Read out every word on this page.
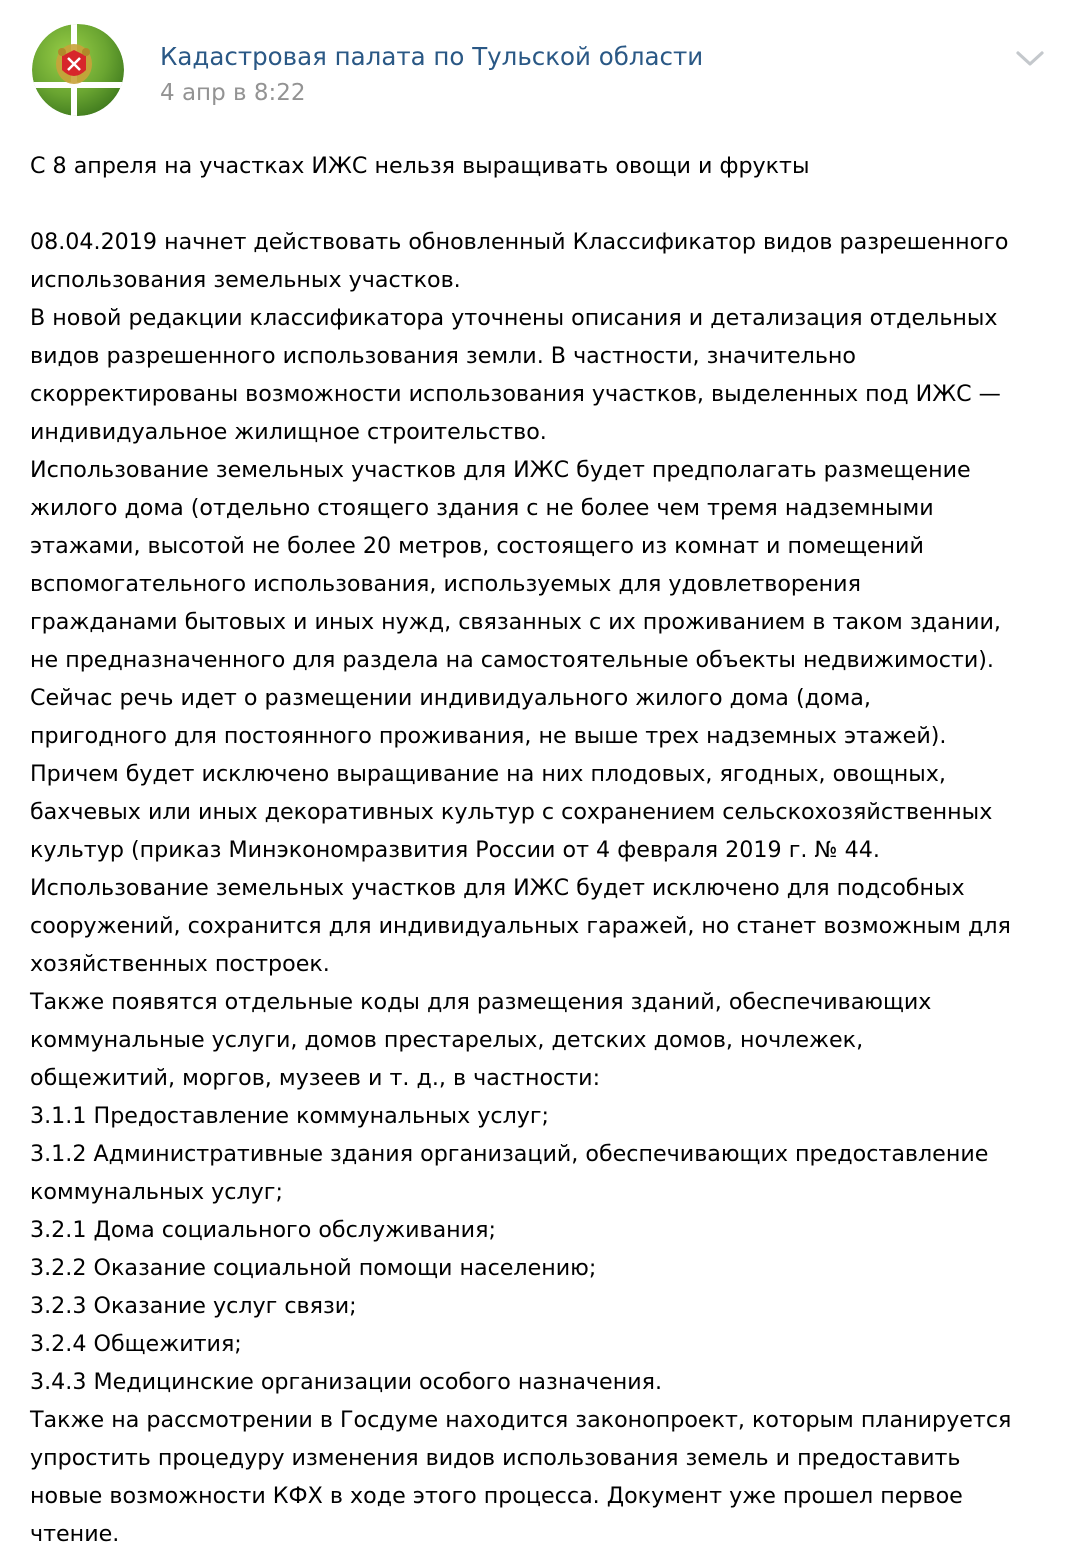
Кадастровая палата по Тульской области
4 апр в 8:22
С 8 апреля на участках ИЖС нельзя выращивать овощи и фрукты
08.04.2019 начнет действовать обновленный Классификатор видов разрешенного
использования земельных участков.
В новой редакции классификатора уточнены описания и детализация отдельных
видов разрешенного использования земли. В частности, значительно
скорректированы возможности использования участков, выделенных под ИЖС —
индивидуальное жилищное строительство.
Использование земельных участков для ИЖС будет предполагать размещение
жилого дома (отдельно стоящего здания с не более чем тремя надземными
этажами, высотой не более 20 метров, состоящего из комнат и помещений
вспомогательного использования, используемых для удовлетворения
гражданами бытовых и иных нужд, связанных с их проживанием в таком здании,
не предназначенного для раздела на самостоятельные объекты недвижимости).
Сейчас речь идет о размещении индивидуального жилого дома (дома,
пригодного для постоянного проживания, не выше трех надземных этажей).
Причем будет исключено выращивание на них плодовых, ягодных, овощных,
бахчевых или иных декоративных культур с сохранением сельскохозяйственных
культур (приказ Минэкономразвития России от 4 февраля 2019 г. № 44.
Использование земельных участков для ИЖС будет исключено для подсобных
сооружений, сохранится для индивидуальных гаражей, но станет возможным для
хозяйственных построек.
Также появятся отдельные коды для размещения зданий, обеспечивающих
коммунальные услуги, домов престарелых, детских домов, ночлежек,
общежитий, моргов, музеев и т. д., в частности:
3.1.1 Предоставление коммунальных услуг;
3.1.2 Административные здания организаций, обеспечивающих предоставление
коммунальных услуг;
3.2.1 Дома социального обслуживания;
3.2.2 Оказание социальной помощи населению;
3.2.3 Оказание услуг связи;
3.2.4 Общежития;
3.4.3 Медицинские организации особого назначения.
Также на рассмотрении в Госдуме находится законопроект, которым планируется
упростить процедуру изменения видов использования земель и предоставить
новые возможности КФХ в ходе этого процесса. Документ уже прошел первое
чтение.
